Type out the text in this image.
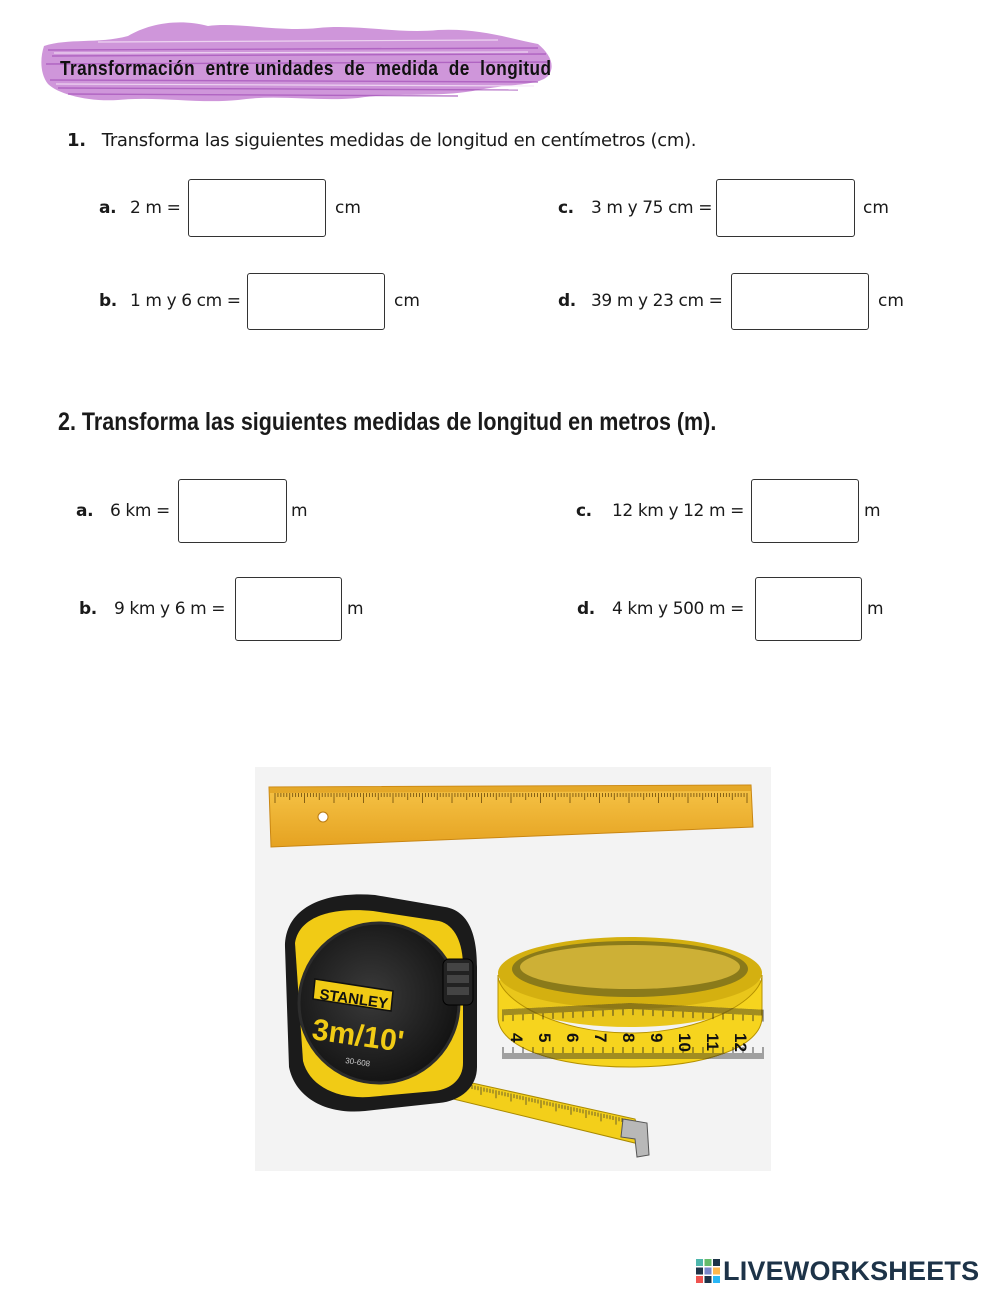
Transformación  entre unidades  de  medida  de  longitud
1. Transforma las siguientes medidas de longitud en centímetros (cm).
a. 2 m =	cm
b. 1 m y 6 cm =	cm
c. 3 m y 75 cm =	cm
d. 39 m y 23 cm =	cm
2. Transforma las siguientes medidas de longitud en metros (m).
a. 6 km =	m
b. 9 km y 6 m =	m
c. 12 km y 12 m =	m
d. 4 km y 500 m =	m
4 5 6 7 8 9 10 11 12
STANLEY
3m/10'
30-608
LIVEWORKSHEETS
